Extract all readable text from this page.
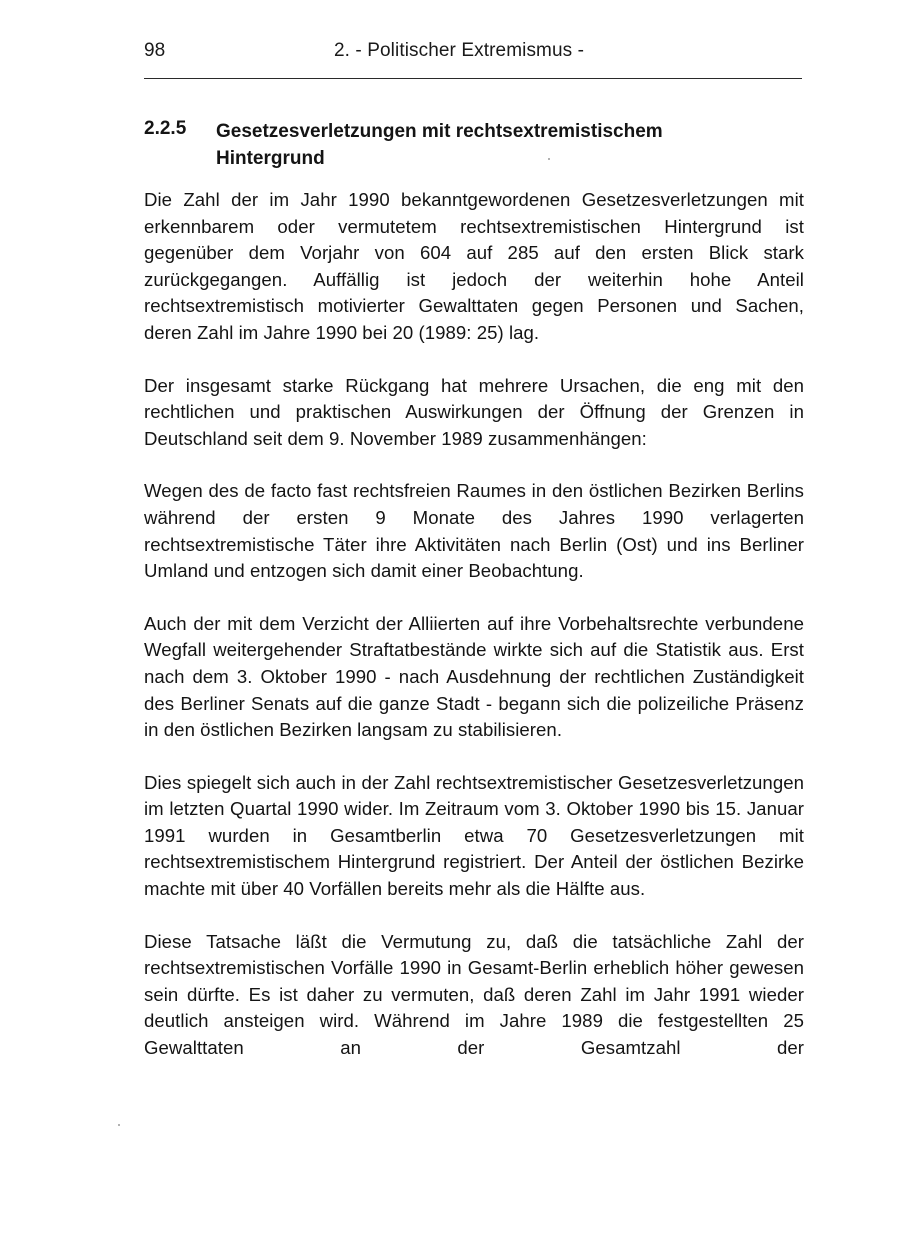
98	2. - Politischer Extremismus -
2.2.5 Gesetzesverletzungen mit rechtsextremistischem Hintergrund

Die Zahl der im Jahr 1990 bekanntgewordenen Gesetzesverletzungen mit erkennbarem oder vermutetem rechtsextremistischen Hintergrund ist gegenüber dem Vorjahr von 604 auf 285 auf den ersten Blick stark zurückgegangen. Auffällig ist jedoch der weiterhin hohe Anteil rechtsextremistisch motivierter Gewalttaten gegen Personen und Sachen, deren Zahl im Jahre 1990 bei 20 (1989: 25) lag.

Der insgesamt starke Rückgang hat mehrere Ursachen, die eng mit den rechtlichen und praktischen Auswirkungen der Öffnung der Grenzen in Deutschland seit dem 9. November 1989 zusammenhängen:

Wegen des de facto fast rechtsfreien Raumes in den östlichen Bezirken Berlins während der ersten 9 Monate des Jahres 1990 verlagerten rechtsextremistische Täter ihre Aktivitäten nach Berlin (Ost) und ins Berliner Umland und entzogen sich damit einer Beobachtung.

Auch der mit dem Verzicht der Alliierten auf ihre Vorbehaltsrechte verbundene Wegfall weitergehender Straftatbestände wirkte sich auf die Statistik aus. Erst nach dem 3. Oktober 1990 - nach Ausdehnung der rechtlichen Zuständigkeit des Berliner Senats auf die ganze Stadt - begann sich die polizeiliche Präsenz in den östlichen Bezirken langsam zu stabilisieren.

Dies spiegelt sich auch in der Zahl rechtsextremistischer Gesetzesverletzungen im letzten Quartal 1990 wider. Im Zeitraum vom 3. Oktober 1990 bis 15. Januar 1991 wurden in Gesamtberlin etwa 70 Gesetzesverletzungen mit rechtsextremistischem Hintergrund registriert. Der Anteil der östlichen Bezirke machte mit über 40 Vorfällen bereits mehr als die Hälfte aus.

Diese Tatsache läßt die Vermutung zu, daß die tatsächliche Zahl der rechtsextremistischen Vorfälle 1990 in Gesamt-Berlin erheblich höher gewesen sein dürfte. Es ist daher zu vermuten, daß deren Zahl im Jahr 1991 wieder deutlich ansteigen wird. Während im Jahre 1989 die festgestellten 25 Gewalttaten an der Gesamtzahl der
